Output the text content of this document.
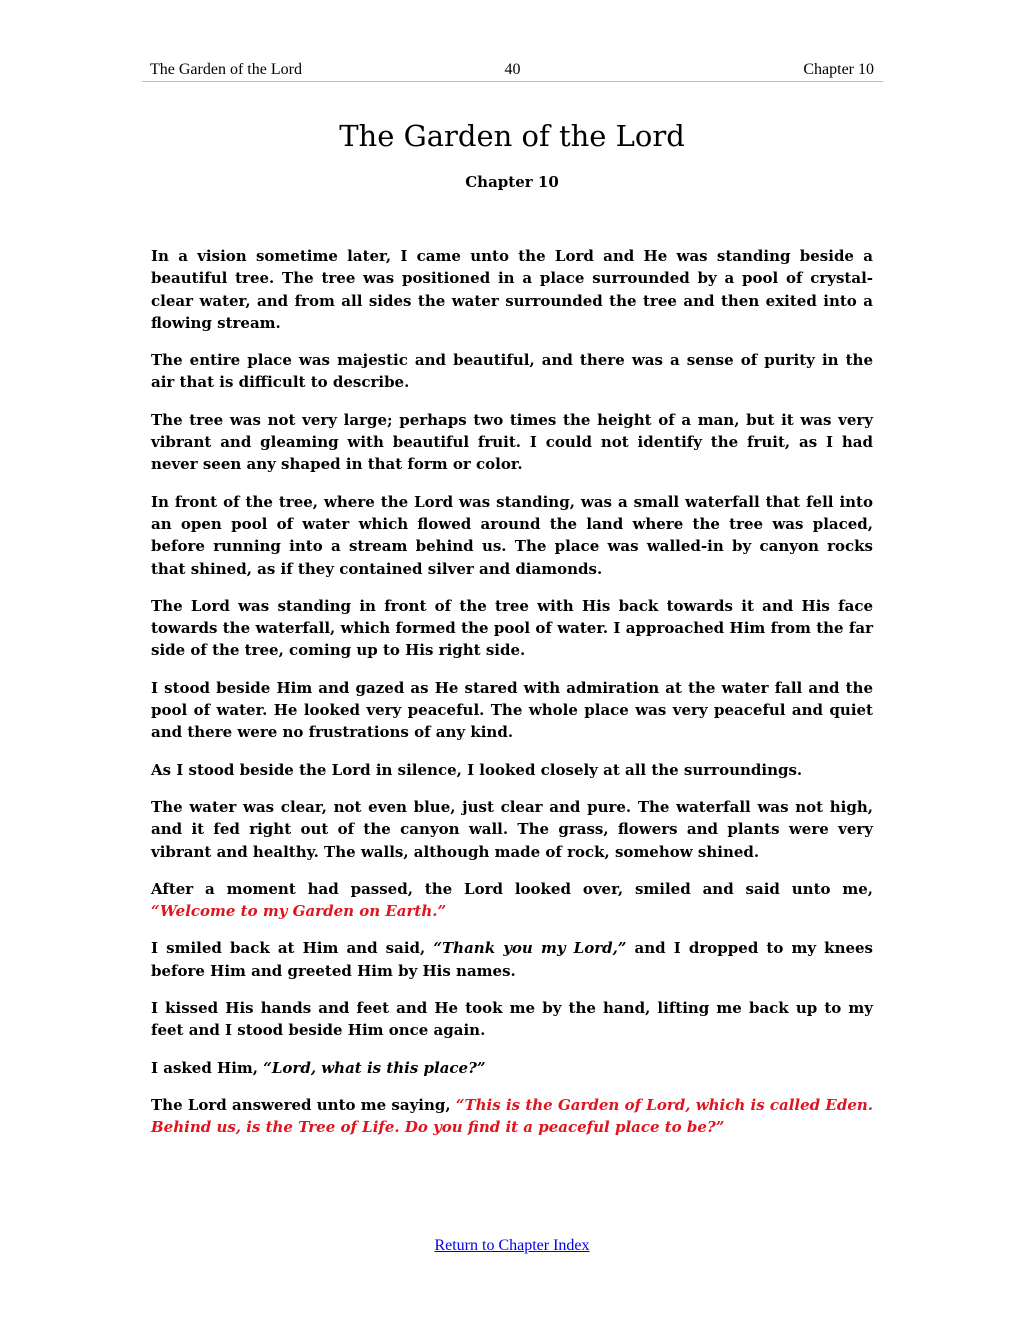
The Garden of the Lord	40	Chapter 10
The Garden of the Lord
Chapter 10

In a vision sometime later, I came unto the Lord and He was standing beside a beautiful tree. The tree was positioned in a place surrounded by a pool of crystal-clear water, and from all sides the water surrounded the tree and then exited into a flowing stream.

The entire place was majestic and beautiful, and there was a sense of purity in the air that is difficult to describe.

The tree was not very large; perhaps two times the height of a man, but it was very vibrant and gleaming with beautiful fruit. I could not identify the fruit, as I had never seen any shaped in that form or color.

In front of the tree, where the Lord was standing, was a small waterfall that fell into an open pool of water which flowed around the land where the tree was placed, before running into a stream behind us. The place was walled-in by canyon rocks that shined, as if they contained silver and diamonds.

The Lord was standing in front of the tree with His back towards it and His face towards the waterfall, which formed the pool of water. I approached Him from the far side of the tree, coming up to His right side.

I stood beside Him and gazed as He stared with admiration at the water fall and the pool of water. He looked very peaceful. The whole place was very peaceful and quiet and there were no frustrations of any kind.

As I stood beside the Lord in silence, I looked closely at all the surroundings.

The water was clear, not even blue, just clear and pure. The waterfall was not high, and it fed right out of the canyon wall. The grass, flowers and plants were very vibrant and healthy. The walls, although made of rock, somehow shined.

After a moment had passed, the Lord looked over, smiled and said unto me, “Welcome to my Garden on Earth.”

I smiled back at Him and said, “Thank you my Lord,” and I dropped to my knees before Him and greeted Him by His names.

I kissed His hands and feet and He took me by the hand, lifting me back up to my feet and I stood beside Him once again.

I asked Him, “Lord, what is this place?”

The Lord answered unto me saying, “This is the Garden of Lord, which is called Eden. Behind us, is the Tree of Life. Do you find it a peaceful place to be?”

Return to Chapter Index
